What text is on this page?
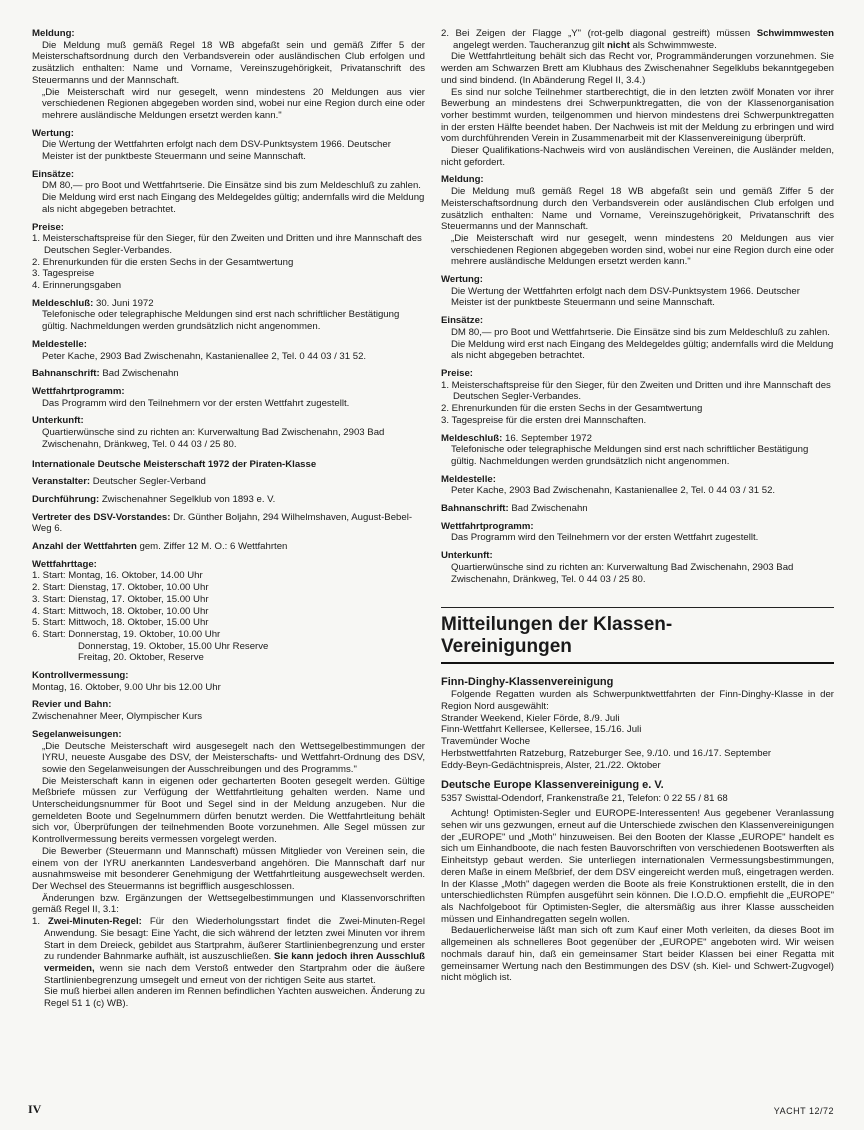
Meldung:
Die Meldung muß gemäß Regel 18 WB abgefaßt sein und gemäß Ziffer 5 der Meisterschaftsordnung durch den Verbandsverein oder ausländischen Club erfolgen und zusätzlich enthalten: Name und Vorname, Vereinszugehörigkeit, Privatanschrift des Steuermanns und der Mannschaft.
„Die Meisterschaft wird nur gesegelt, wenn mindestens 20 Meldungen aus vier verschiedenen Regionen abgegeben worden sind, wobei nur eine Region durch eine oder mehrere ausländische Meldungen ersetzt werden kann."
Wertung:
Die Wertung der Wettfahrten erfolgt nach dem DSV-Punktsystem 1966. Deutscher Meister ist der punktbeste Steuermann und seine Mannschaft.
Einsätze:
DM 80,— pro Boot und Wettfahrtserie. Die Einsätze sind bis zum Meldeschluß zu zahlen. Die Meldung wird erst nach Eingang des Meldegeldes gültig; andernfalls wird die Meldung als nicht abgegeben betrachtet.
Preise:
1. Meisterschaftspreise für den Sieger, für den Zweiten und Dritten und ihre Mannschaft des Deutschen Segler-Verbandes.
2. Ehrenurkunden für die ersten Sechs in der Gesamtwertung
3. Tagespreise
4. Erinnerungsgaben
Meldeschluß: 30. Juni 1972
Telefonische oder telegraphische Meldungen sind erst nach schriftlicher Bestätigung gültig. Nachmeldungen werden grundsätzlich nicht angenommen.
Meldestelle:
Peter Kache, 2903 Bad Zwischenahn, Kastanienallee 2, Tel. 0 44 03 / 31 52.
Bahnanschrift: Bad Zwischenahn
Wettfahrtprogramm:
Das Programm wird den Teilnehmern vor der ersten Wettfahrt zugestellt.
Unterkunft:
Quartierwünsche sind zu richten an: Kurverwaltung Bad Zwischenahn, 2903 Bad Zwischenahn, Dränkweg, Tel. 0 44 03 / 25 80.
Internationale Deutsche Meisterschaft 1972 der Piraten-Klasse
Veranstalter: Deutscher Segler-Verband
Durchführung: Zwischenahner Segelklub von 1893 e. V.
Vertreter des DSV-Vorstandes: Dr. Günther Boljahn, 294 Wilhelmshaven, August-Bebel-Weg 6.
Anzahl der Wettfahrten gem. Ziffer 12 M. O.: 6 Wettfahrten
Wettfahrttage:
1. Start: Montag, 16. Oktober, 14.00 Uhr
2. Start: Dienstag, 17. Oktober, 10.00 Uhr
3. Start: Dienstag, 17. Oktober, 15.00 Uhr
4. Start: Mittwoch, 18. Oktober, 10.00 Uhr
5. Start: Mittwoch, 18. Oktober, 15.00 Uhr
6. Start: Donnerstag, 19. Oktober, 10.00 Uhr
Donnerstag, 19. Oktober, 15.00 Uhr Reserve
Freitag, 20. Oktober, Reserve
Kontrollvermessung:
Montag, 16. Oktober, 9.00 Uhr bis 12.00 Uhr
Revier und Bahn:
Zwischenahner Meer, Olympischer Kurs
Segelanweisungen:
„Die Deutsche Meisterschaft wird ausgesegelt nach den Wettsegelbestimmungen der IYRU, neueste Ausgabe des DSV, der Meisterschafts- und Wettfahrt-Ordnung des DSV, sowie den Segelanweisungen der Ausschreibungen und des Programms."
Die Meisterschaft kann in eigenen oder gecharterten Booten gesegelt werden. Gültige Meßbriefe müssen zur Verfügung der Wettfahrtleitung gehalten werden. Name und Unterscheidungsnummer für Boot und Segel sind in der Meldung anzugeben. Nur die gemeldeten Boote und Segelnummern dürfen benutzt werden. Die Wettfahrtleitung behält sich vor, Überprüfungen der teilnehmenden Boote vorzunehmen. Alle Segel müssen zur Kontrollvermessung bereits vermessen vorgelegt werden.
Die Bewerber (Steuermann und Mannschaft) müssen Mitglieder von Vereinen sein, die einem von der IYRU anerkannten Landesverband angehören. Die Mannschaft darf nur ausnahmsweise mit besonderer Genehmigung der Wettfahrtleitung ausgewechselt werden. Der Wechsel des Steuermanns ist begrifflich ausgeschlossen.
Änderungen bzw. Ergänzungen der Wettsegelbestimmungen und Klassenvorschriften gemäß Regel II, 3.1:
1. Zwei-Minuten-Regel: Für den Wiederholungsstart findet die Zwei-Minuten-Regel Anwendung. Sie besagt: Eine Yacht, die sich während der letzten zwei Minuten vor ihrem Start in dem Dreieck, gebildet aus Startprahm, äußerer Startlinienbegrenzung und erster zu rundender Bahnmarke aufhält, ist auszuschließen. Sie kann jedoch ihren Ausschluß vermeiden, wenn sie nach dem Verstoß entweder den Startprahm oder die äußere Startlinienbegrenzung umsegelt und erneut von der richtigen Seite aus startet.
Sie muß hierbei allen anderen im Rennen befindlichen Yachten ausweichen. Änderung zu Regel 51 1 (c) WB).
2. Bei Zeigen der Flagge „Y" (rot-gelb diagonal gestreift) müssen Schwimmwesten angelegt werden. Taucheranzug gilt nicht als Schwimmweste.
Die Wettfahrtleitung behält sich das Recht vor, Programmänderungen vorzunehmen. Sie werden am Schwarzen Brett am Klubhaus des Zwischenahner Segelklubs bekanntgegeben und sind bindend. (In Abänderung Regel II, 3.4.)
Es sind nur solche Teilnehmer startberechtigt, die in den letzten zwölf Monaten vor ihrer Bewerbung an mindestens drei Schwerpunktregatten, die von der Klassenorganisation vorher bestimmt wurden, teilgenommen und hiervon mindestens drei Schwerpunktregatten in der ersten Hälfte beendet haben. Der Nachweis ist mit der Meldung zu erbringen und wird vom durchführenden Verein in Zusammenarbeit mit der Klassenvereinigung überprüft.
Dieser Qualifikations-Nachweis wird von ausländischen Vereinen, die Ausländer melden, nicht gefordert.
Meldung:
Die Meldung muß gemäß Regel 18 WB abgefaßt sein und gemäß Ziffer 5 der Meisterschaftsordnung durch den Verbandsverein oder ausländischen Club erfolgen und zusätzlich enthalten: Name und Vorname, Vereinszugehörigkeit, Privatanschrift des Steuermanns und der Mannschaft.
„Die Meisterschaft wird nur gesegelt, wenn mindestens 20 Meldungen aus vier verschiedenen Regionen abgegeben worden sind, wobei nur eine Region durch eine oder mehrere ausländische Meldungen ersetzt werden kann."
Wertung:
Die Wertung der Wettfahrten erfolgt nach dem DSV-Punktsystem 1966. Deutscher Meister ist der punktbeste Steuermann und seine Mannschaft.
Einsätze:
DM 80,— pro Boot und Wettfahrtserie. Die Einsätze sind bis zum Meldeschluß zu zahlen. Die Meldung wird erst nach Eingang des Meldegeldes gültig; andernfalls wird die Meldung als nicht abgegeben betrachtet.
Preise:
1. Meisterschaftspreise für den Sieger, für den Zweiten und Dritten und ihre Mannschaft des Deutschen Segler-Verbandes.
2. Ehrenurkunden für die ersten Sechs in der Gesamtwertung
3. Tagespreise für die ersten drei Mannschaften.
Meldeschluß: 16. September 1972
Telefonische oder telegraphische Meldungen sind erst nach schriftlicher Bestätigung gültig. Nachmeldungen werden grundsätzlich nicht angenommen.
Meldestelle:
Peter Kache, 2903 Bad Zwischenahn, Kastanienallee 2, Tel. 0 44 03 / 31 52.
Bahnanschrift: Bad Zwischenahn
Wettfahrtprogramm:
Das Programm wird den Teilnehmern vor der ersten Wettfahrt zugestellt.
Unterkunft:
Quartierwünsche sind zu richten an: Kurverwaltung Bad Zwischenahn, 2903 Bad Zwischenahn, Dränkweg, Tel. 0 44 03 / 25 80.
Mitteilungen der Klassen-
Vereinigungen
Finn-Dinghy-Klassenvereinigung
Folgende Regatten wurden als Schwerpunktwettfahrten der Finn-Dinghy-Klasse in der Region Nord ausgewählt:
Strander Weekend, Kieler Förde, 8./9. Juli
Finn-Wettfahrt Kellersee, Kellersee, 15./16. Juli
Travemünder Woche
Herbstwettfahrten Ratzeburg, Ratzeburger See, 9./10. und 16./17. September
Eddy-Beyn-Gedächtnispreis, Alster, 21./22. Oktober
Deutsche Europe Klassenvereinigung e. V.
5357 Swisttal-Odendorf, Frankenstraße 21, Telefon: 0 22 55 / 81 68
Achtung! Optimisten-Segler und EUROPE-Interessenten! Aus gegebener Veranlassung sehen wir uns gezwungen, erneut auf die Unterschiede zwischen den Klassenvereinigungen der „EUROPE" und „Moth" hinzuweisen. Bei den Booten der Klasse „EUROPE" handelt es sich um Einhandboote, die nach festen Bauvorschriften von verschiedenen Bootswerften als Einheitstyp gebaut werden. Sie unterliegen internationalen Vermessungsbestimmungen, deren Maße in einem Meßbrief, der dem DSV eingereicht werden muß, eingetragen werden. In der Klasse „Moth" dagegen werden die Boote als freie Konstruktionen erstellt, die in den unterschiedlichsten Rümpfen ausgeführt sein können. Die I.O.D.O. empfiehlt die „EUROPE" als Nachfolgeboot für Optimisten-Segler, die altersmäßig aus ihrer Klasse ausscheiden müssen und Einhandregatten segeln wollen.
Bedauerlicherweise läßt man sich oft zum Kauf einer Moth verleiten, da dieses Boot im allgemeinen als schnelleres Boot gegenüber der „EUROPE" angeboten wird. Wir weisen nochmals darauf hin, daß ein gemeinsamer Start beider Klassen bei einer Regatta mit gemeinsamer Wertung nach den Bestimmungen des DSV (sh. Kiel- und Schwert-Zugvogel) nicht möglich ist.
IV	YACHT 12/72
